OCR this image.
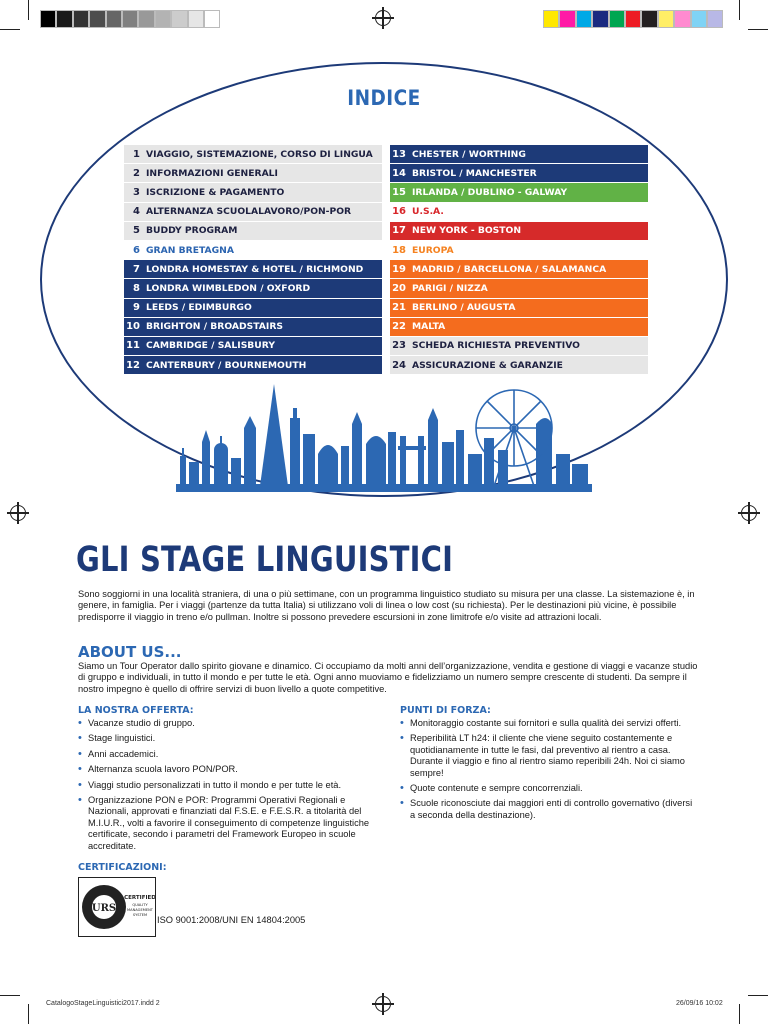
INDICE
1 VIAGGIO, SISTEMAZIONE, CORSO DI LINGUA
2 INFORMAZIONI GENERALI
3 ISCRIZIONE & PAGAMENTO
4 ALTERNANZA SCUOLALAVORO/PON-POR
5 BUDDY PROGRAM
6 GRAN BRETAGNA
7 LONDRA HOMESTAY & HOTEL / RICHMOND
8 LONDRA WIMBLEDON / OXFORD
9 LEEDS / EDIMBURGO
10 BRIGHTON / BROADSTAIRS
11 CAMBRIDGE / SALISBURY
12 CANTERBURY / BOURNEMOUTH
13 CHESTER / WORTHING
14 BRISTOL / MANCHESTER
15 IRLANDA / DUBLINO - GALWAY
16 U.S.A.
17 NEW YORK - BOSTON
18 EUROPA
19 MADRID / BARCELLONA / SALAMANCA
20 PARIGI / NIZZA
21 BERLINO / AUGUSTA
22 MALTA
23 SCHEDA RICHIESTA PREVENTIVO
24 ASSICURAZIONE & GARANZIE
GLI STAGE LINGUISTICI

Sono soggiorni in una località straniera, di una o più settimane, con un programma linguistico studiato su misura per una classe. La sistemazione è, in genere, in famiglia. Per i viaggi (partenze da tutta Italia) si utilizzano voli di linea o low cost (su richiesta). Per le destinazioni più vicine, è possibile predisporre il viaggio in treno e/o pullman. Inoltre si possono prevedere escursioni in zone limitrofe e/o visite ad attrazioni locali.

ABOUT US...

Siamo un Tour Operator dallo spirito giovane e dinamico. Ci occupiamo da molti anni dell’organizzazione, vendita e gestione di viaggi e vacanze studio di gruppo e individuali, in tutto il mondo e per tutte le età. Ogni anno muoviamo e fidelizziamo un numero sempre crescente di studenti. Da sempre il nostro impegno è quello di offrire servizi di buon livello a quote competitive.

LA NOSTRA OFFERTA:
• Vacanze studio di gruppo.
• Stage linguistici.
• Anni accademici.
• Alternanza scuola lavoro PON/POR.
• Viaggi studio personalizzati in tutto il mondo e per tutte le età.
• Organizzazione PON e POR: Programmi Operativi Regionali e Nazionali, approvati e finanziati dal F.S.E. e F.E.S.R. a titolarità del M.I.U.R., volti a favorire il conseguimento di competenze linguistiche certificate, secondo i parametri del Framework Europeo in scuole accreditate.
PUNTI DI FORZA:
• Monitoraggio costante sui fornitori e sulla qualità dei servizi offerti.
• Reperibilità LT h24: il cliente che viene seguito costantemente e quotidianamente in tutte le fasi, dal preventivo al rientro a casa. Durante il viaggio e fino al rientro siamo reperibili 24h. Noi ci siamo sempre!
• Quote contenute e sempre concorrenziali.
• Scuole riconosciute dai maggiori enti di controllo governativo (diversi a seconda della destinazione).
CERTIFICAZIONI:
URS
CERTIFIED
QUALITY
MANAGEMENT
SYSTEM ISO 9001:2008/UNI EN 14804:2005
CatalogoStageLinguistici2017.indd 2	26/09/16 10:02
